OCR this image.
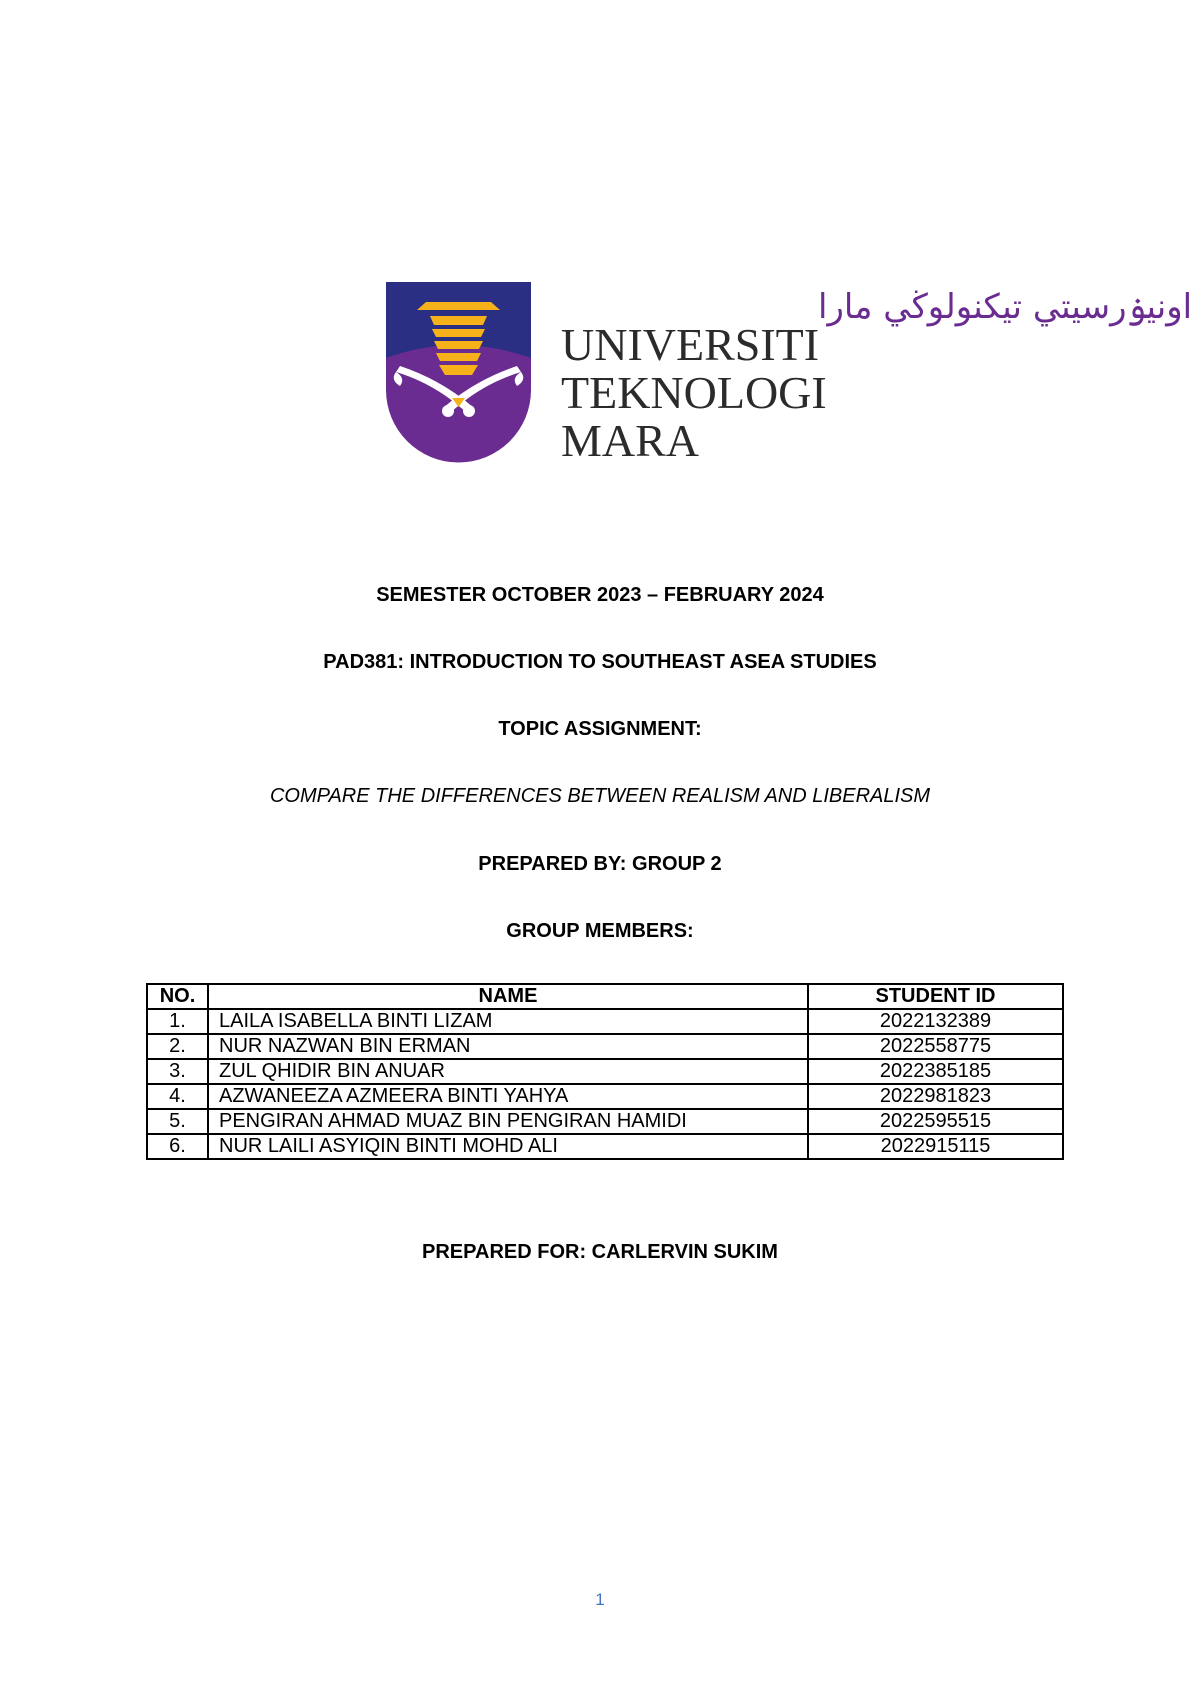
اونيۏرسيتي تيكنولوڬي مارا
UNIVERSITI
TEKNOLOGI
MARA
SEMESTER OCTOBER 2023 – FEBRUARY 2024
PAD381: INTRODUCTION TO SOUTHEAST ASEA STUDIES
TOPIC ASSIGNMENT:
COMPARE THE DIFFERENCES BETWEEN REALISM AND LIBERALISM
PREPARED BY: GROUP 2
GROUP MEMBERS:
NO.	NAME	STUDENT ID
1.	LAILA ISABELLA BINTI LIZAM	2022132389
2.	NUR NAZWAN BIN ERMAN	2022558775
3.	ZUL QHIDIR BIN ANUAR	2022385185
4.	AZWANEEZA AZMEERA BINTI YAHYA	2022981823
5.	PENGIRAN AHMAD MUAZ BIN PENGIRAN HAMIDI	2022595515
6.	NUR LAILI ASYIQIN BINTI MOHD ALI	2022915115
PREPARED FOR: CARLERVIN SUKIM
1
